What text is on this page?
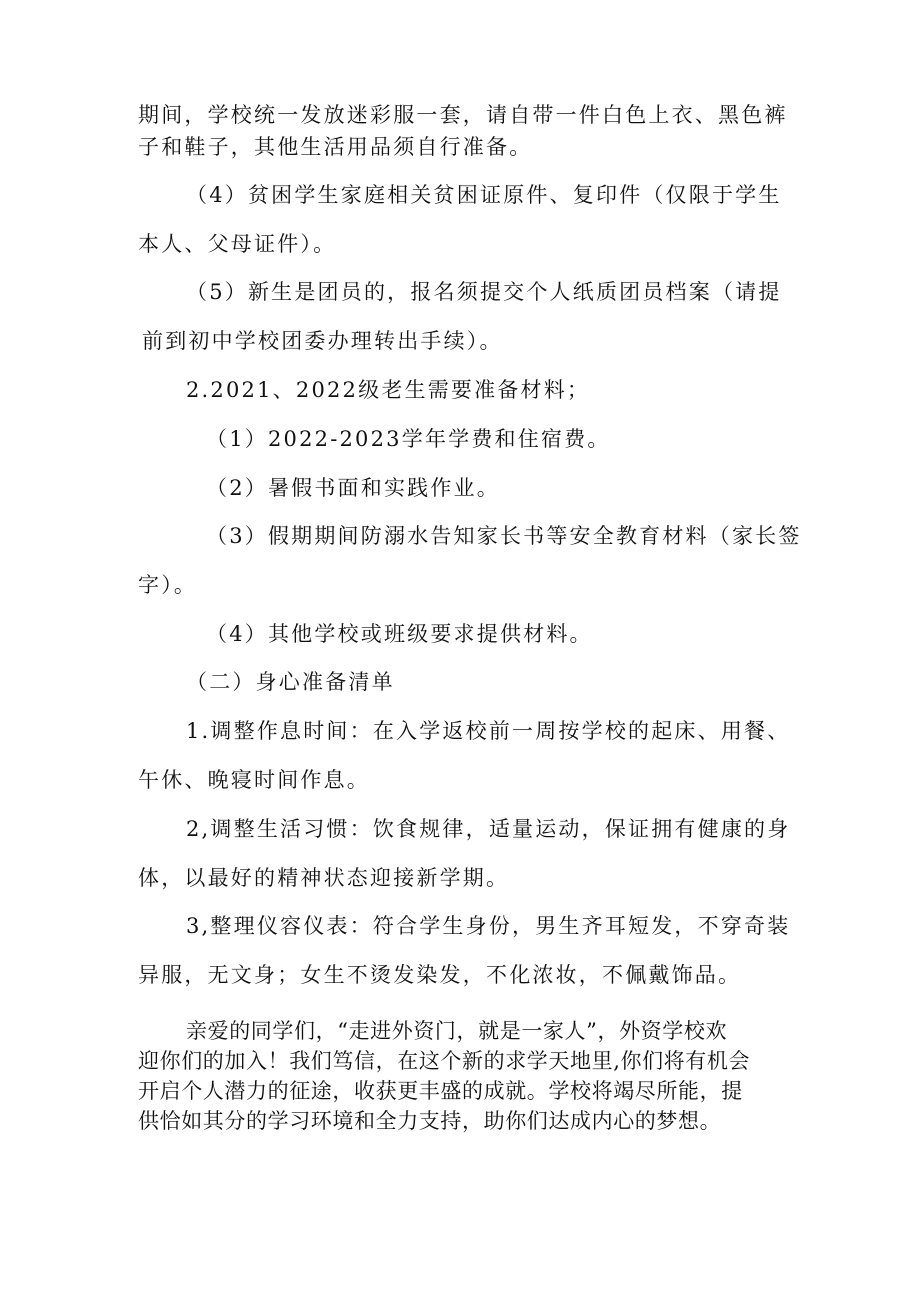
期间，学校统一发放迷彩服一套，请自带一件白色上衣、黑色裤
子和鞋子，其他生活用品须自行准备。
（4）贫困学生家庭相关贫困证原件、复印件（仅限于学生
本人、父母证件）。
（5）新生是团员的，报名须提交个人纸质团员档案（请提
前到初中学校团委办理转出手续）。
2.2021、2022级老生需要准备材料；
（1）2022-2023学年学费和住宿费。
（2）暑假书面和实践作业。
（3）假期期间防溺水告知家长书等安全教育材料（家长签
字）。
（4）其他学校或班级要求提供材料。
（二）身心准备清单
1.调整作息时间：在入学返校前一周按学校的起床、用餐、
午休、晚寝时间作息。
2,调整生活习惯：饮食规律，适量运动，保证拥有健康的身
体，以最好的精神状态迎接新学期。
3,整理仪容仪表：符合学生身份，男生齐耳短发，不穿奇装
异服，无文身；女生不烫发染发，不化浓妆，不佩戴饰品。
亲爱的同学们，“走进外资门，就是一家人”，外资学校欢
迎你们的加入！我们笃信，在这个新的求学天地里,你们将有机会
开启个人潜力的征途，收获更丰盛的成就。学校将竭尽所能，提
供恰如其分的学习环境和全力支持，助你们达成内心的梦想。
